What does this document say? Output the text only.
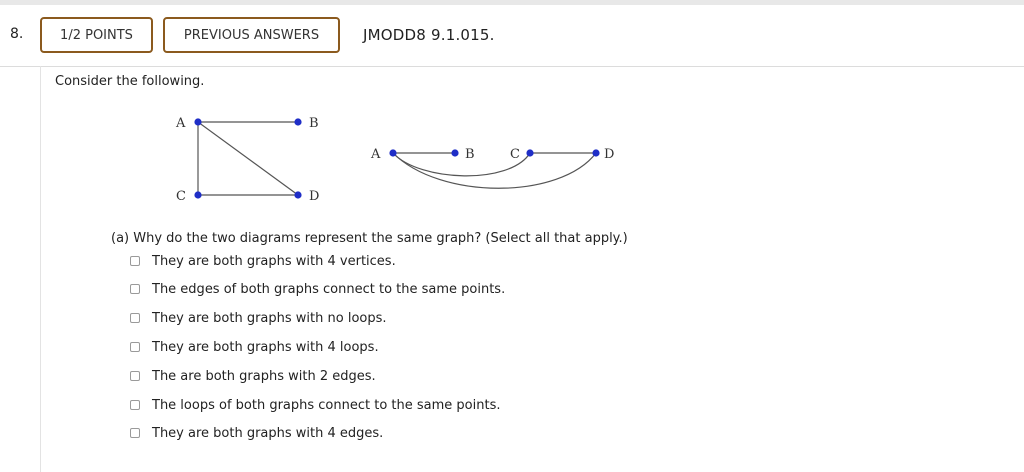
8.	1/2 POINTS	PREVIOUS ANSWERS	JMODD8 9.1.015.
Consider the following.
A	B
C	D
A	B	C	D
(a) Why do the two diagrams represent the same graph? (Select all that apply.)
They are both graphs with 4 vertices.
The edges of both graphs connect to the same points.
They are both graphs with no loops.
They are both graphs with 4 loops.
The are both graphs with 2 edges.
The loops of both graphs connect to the same points.
They are both graphs with 4 edges.
